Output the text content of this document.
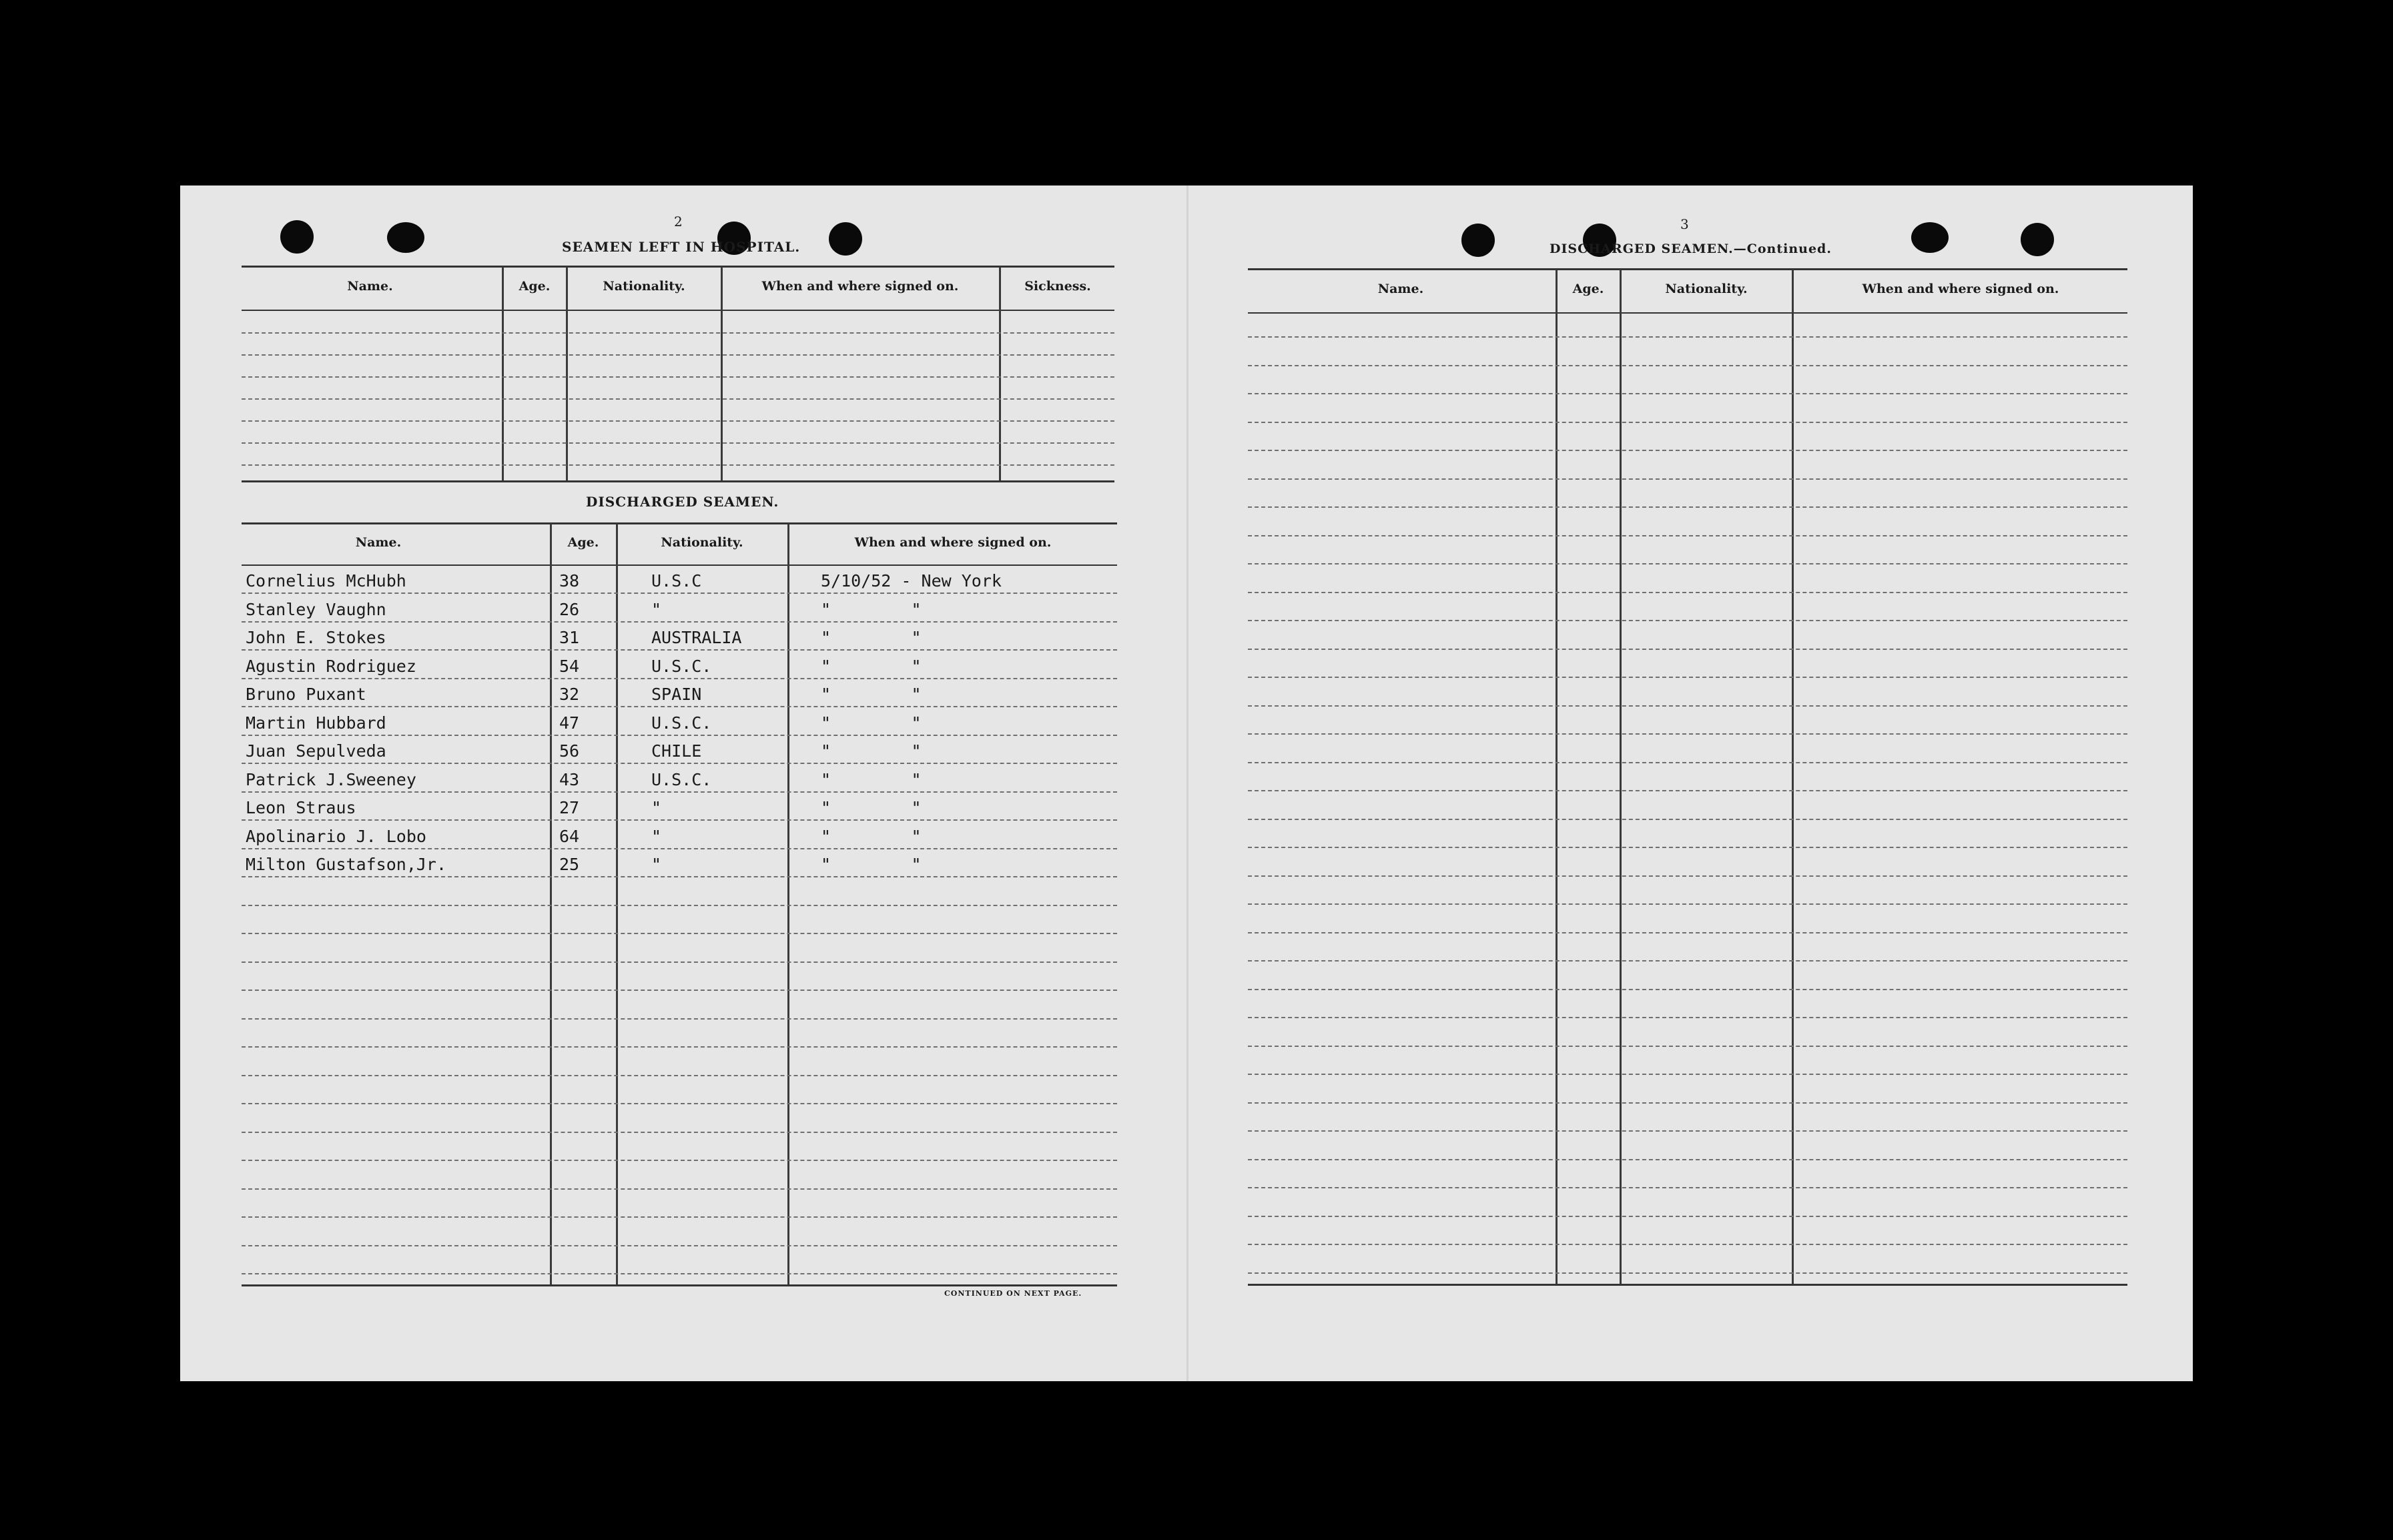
2
SEAMEN LEFT IN HOSPITAL.
Name.	Age.	Nationality.	When and where signed on.	Sickness.
DISCHARGED SEAMEN.
Name.	Age.	Nationality.	When and where signed on.
Cornelius McHubh	38	U.S.C	5/10/52 - New York
Stanley Vaughn	26	"	"        "
John E. Stokes	31	AUSTRALIA	"        "
Agustin Rodriguez	54	U.S.C.	"        "
Bruno Puxant	32	SPAIN	"        "
Martin Hubbard	47	U.S.C.	"        "
Juan Sepulveda	56	CHILE	"        "
Patrick J.Sweeney	43	U.S.C.	"        "
Leon Straus	27	"	"        "
Apolinario J. Lobo	64	"	"        "
Milton Gustafson,Jr.	25	"	"        "
CONTINUED ON NEXT PAGE.
3
DISCHARGED SEAMEN.—Continued.
Name.	Age.	Nationality.	When and where signed on.
